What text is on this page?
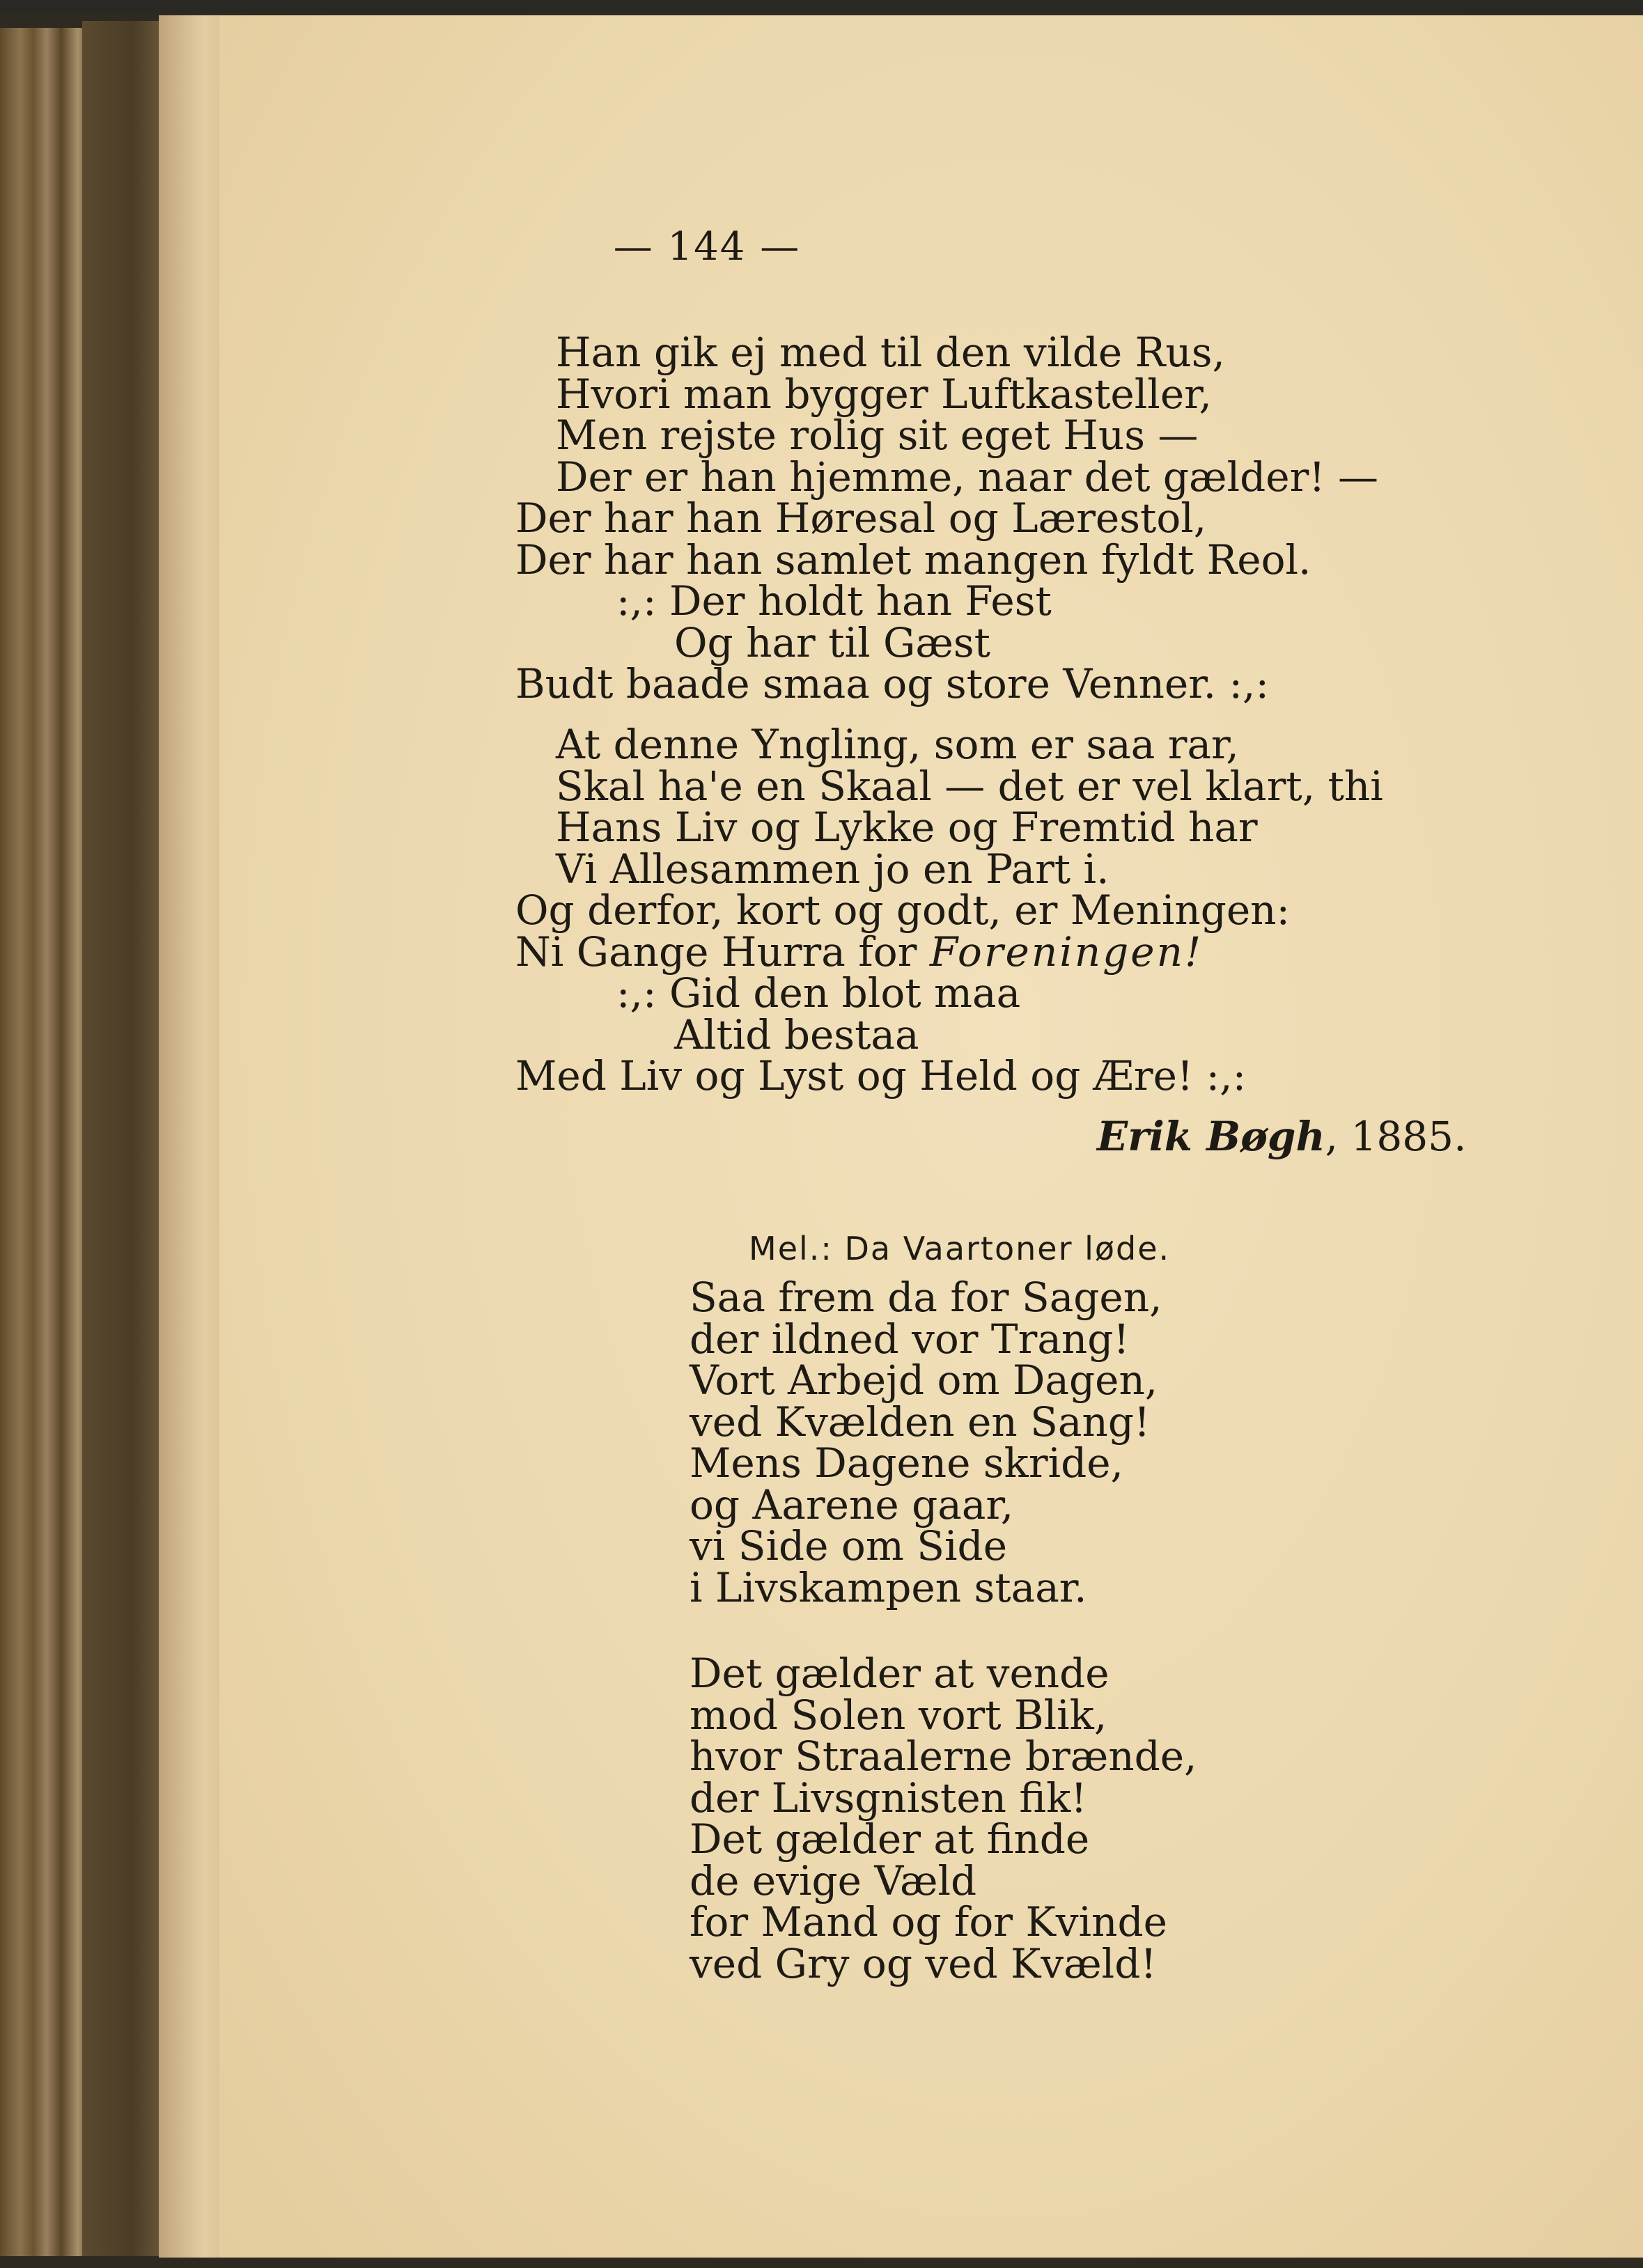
— 144 —
Han gik ej med til den vilde Rus,
Hvori man bygger Luftkasteller,
Men rejste rolig sit eget Hus —
Der er han hjemme, naar det gælder! —
Der har han Høresal og Lærestol,
Der har han samlet mangen fyldt Reol.
:,: Der holdt han Fest
Og har til Gæst
Budt baade smaa og store Venner. :,:
At denne Yngling, som er saa rar,
Skal ha'e en Skaal — det er vel klart, thi
Hans Liv og Lykke og Fremtid har
Vi Allesammen jo en Part i.
Og derfor, kort og godt, er Meningen:
Ni Gange Hurra for Foreningen!
:,: Gid den blot maa
Altid bestaa
Med Liv og Lyst og Held og Ære! :,:
Erik Bøgh, 1885.
Mel.: Da Vaartoner løde.
Saa frem da for Sagen,
der ildned vor Trang!
Vort Arbejd om Dagen,
ved Kvælden en Sang!
Mens Dagene skride,
og Aarene gaar,
vi Side om Side
i Livskampen staar.
Det gælder at vende
mod Solen vort Blik,
hvor Straalerne brænde,
der Livsgnisten fik!
Det gælder at finde
de evige Væld
for Mand og for Kvinde
ved Gry og ved Kvæld!
